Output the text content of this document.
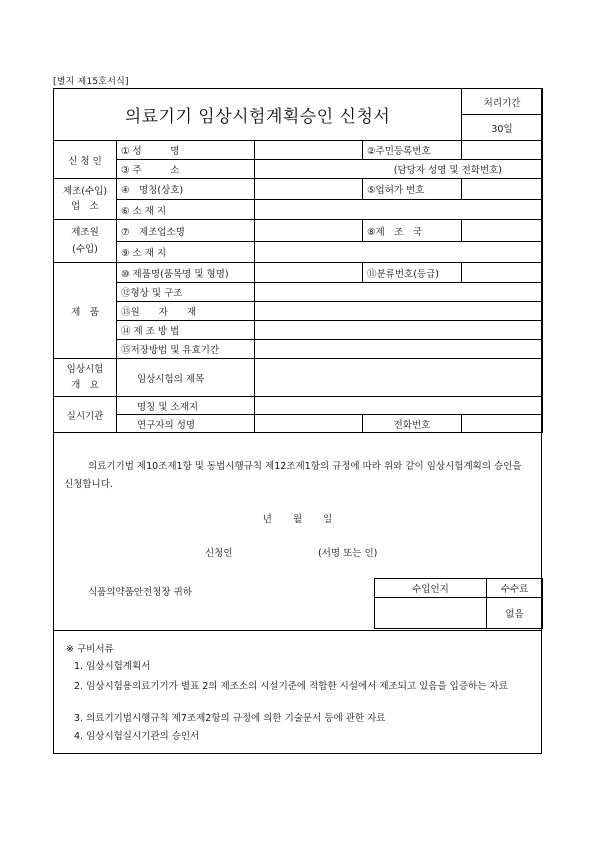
[별지 제15호서식]
의료기기 임상시험계획승인 신청서				처리기간
				30일
신 청 인	① 성　　　명		②주민등록번호	
	③ 주　　　소	(담당자 성명 및 전화번호)		

제조(수입)
업　소	④　명칭(상호)		⑤업허가 번호	
	⑥ 소 재 지			

제조원
(수입)	⑦　제조업소명		⑧제　조　국	
	⑨ 소 재 지			
제　품	⑩ 제품명(품목명 및 형명)		⑪분류번호(등급)	
	⑫형상 및 구조			
	⑬원　　자　　재			
	⑭ 제 조 방 법			
	⑮저장방법 및 유효기간			

임상시험
개　요	임상시험의 제목			
실시기관	명칭 및 소재지			
	연구자의 성명		전화번호	
의료기기법 제10조제1항 및 동법시행규칙 제12조제1항의 규정에 따라 위와 같이 임상시험계획의 승인을 신청합니다.
년 월 일
신청인	(서명 또는 인)
식품의약품안전청장 귀하	수입인지	수수료
	없음
※ 구비서류
1. 임상시험계획서
2. 임상시험용의료기기가 별표 2의 제조소의 시설기준에 적합한 시설에서 제조되고 있음을 입증하는 자료
3. 의료기기법시행규칙 제7조제2항의 규정에 의한 기술문서 등에 관한 자료
4. 임상시험실시기관의 승인서
